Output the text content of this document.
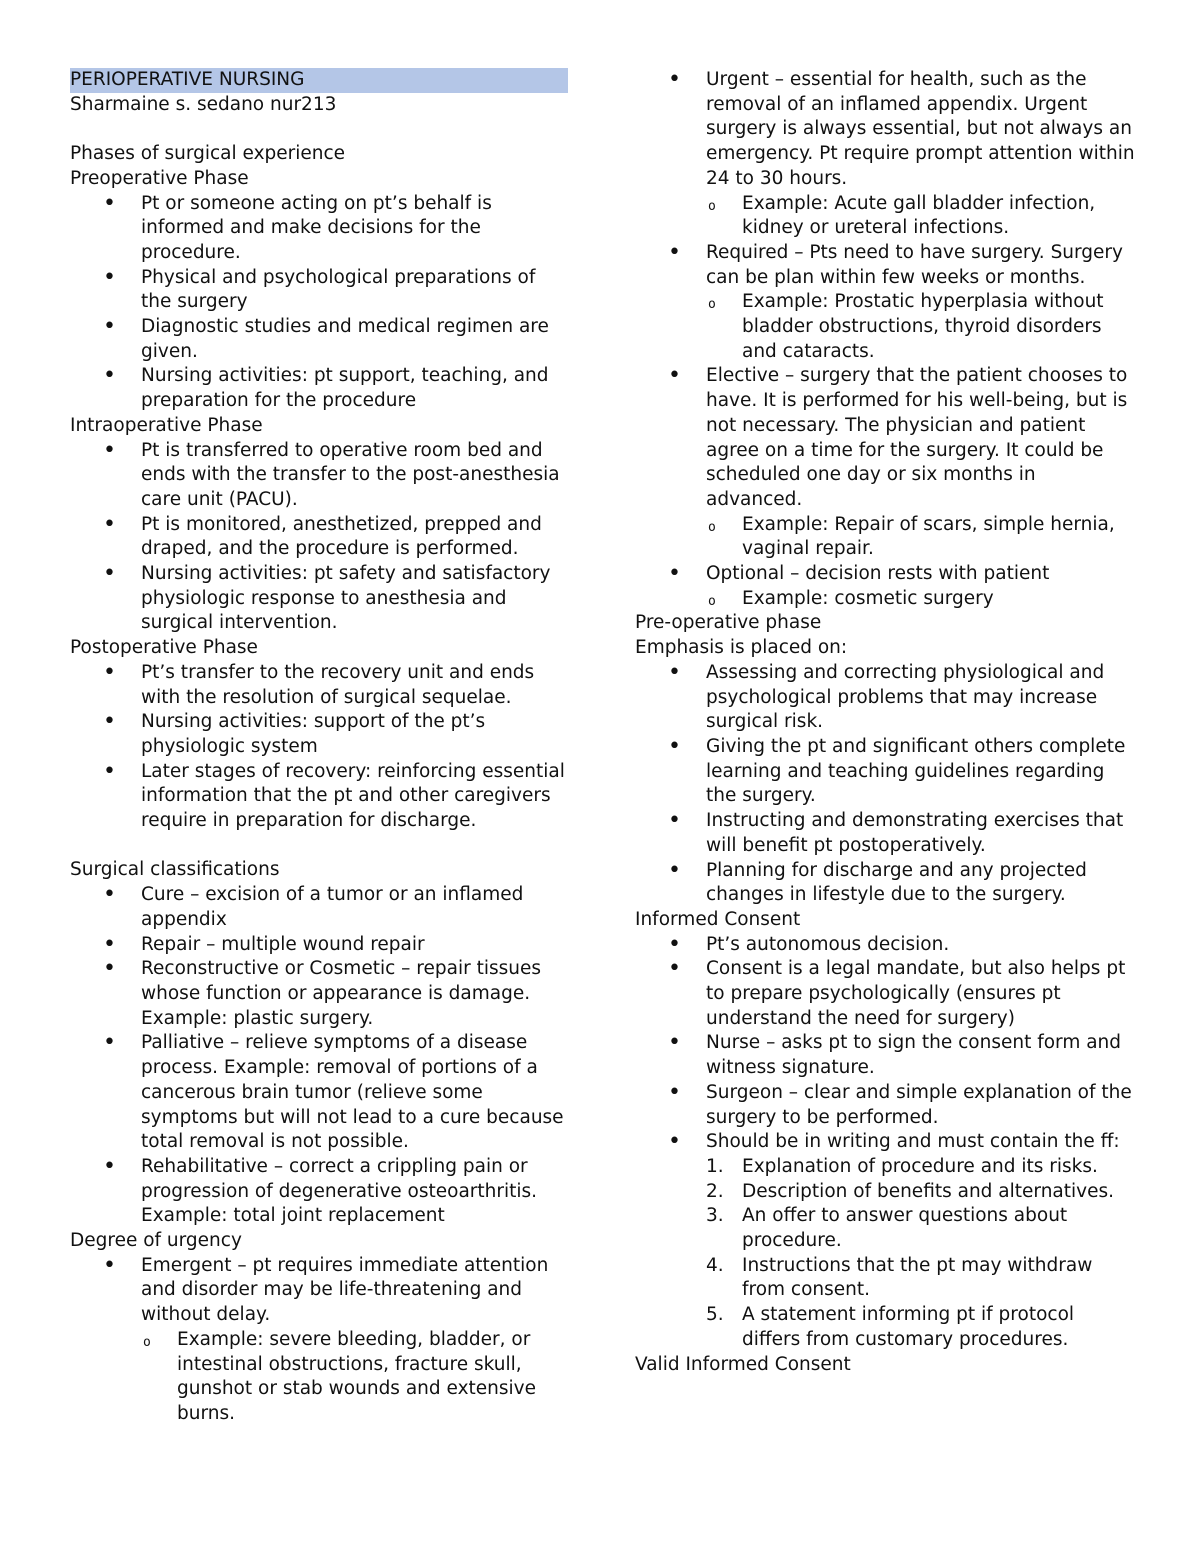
PERIOPERATIVE NURSING

Sharmaine s. sedano nur213

Phases of surgical experience

Preoperative Phase

• Pt or someone acting on pt’s behalf is informed and make decisions for the procedure.
• Physical and psychological preparations of the surgery
• Diagnostic studies and medical regimen are given.
• Nursing activities: pt support, teaching, and preparation for the procedure

Intraoperative Phase

• Pt is transferred to operative room bed and ends with the transfer to the post-anesthesia care unit (PACU).
• Pt is monitored, anesthetized, prepped and draped, and the procedure is performed.
• Nursing activities: pt safety and satisfactory physiologic response to anesthesia and surgical intervention.

Postoperative Phase

• Pt’s transfer to the recovery unit and ends with the resolution of surgical sequelae.
• Nursing activities: support of the pt’s physiologic system
• Later stages of recovery: reinforcing essential information that the pt and other caregivers require in preparation for discharge.

Surgical classifications

• Cure – excision of a tumor or an inflamed appendix
• Repair – multiple wound repair
• Reconstructive or Cosmetic – repair tissues whose function or appearance is damage. Example: plastic surgery.
• Palliative – relieve symptoms of a disease process. Example: removal of portions of a cancerous brain tumor (relieve some symptoms but will not lead to a cure because total removal is not possible.
• Rehabilitative – correct a crippling pain or progression of degenerative osteoarthritis. Example: total joint replacement

Degree of urgency

• Emergent – pt requires immediate attention and disorder may be life-threatening and without delay.
o Example: severe bleeding, bladder, or intestinal obstructions, fracture skull, gunshot or stab wounds and extensive burns.
• Urgent – essential for health, such as the removal of an inflamed appendix. Urgent surgery is always essential, but not always an emergency. Pt require prompt attention within 24 to 30 hours.
o Example: Acute gall bladder infection, kidney or ureteral infections.
• Required – Pts need to have surgery. Surgery can be plan within few weeks or months.
o Example: Prostatic hyperplasia without bladder obstructions, thyroid disorders and cataracts.
• Elective – surgery that the patient chooses to have. It is performed for his well-being, but is not necessary. The physician and patient agree on a time for the surgery. It could be scheduled one day or six months in advanced.
o Example: Repair of scars, simple hernia, vaginal repair.
• Optional – decision rests with patient
o Example: cosmetic surgery

Pre-operative phase

Emphasis is placed on:

• Assessing and correcting physiological and psychological problems that may increase surgical risk.
• Giving the pt and significant others complete learning and teaching guidelines regarding the surgery.
• Instructing and demonstrating exercises that will benefit pt postoperatively.
• Planning for discharge and any projected changes in lifestyle due to the surgery.

Informed Consent

• Pt’s autonomous decision.
• Consent is a legal mandate, but also helps pt to prepare psychologically (ensures pt understand the need for surgery)
• Nurse – asks pt to sign the consent form and witness signature.
• Surgeon – clear and simple explanation of the surgery to be performed.
• Should be in writing and must contain the ff:
1. Explanation of procedure and its risks.
2. Description of benefits and alternatives.
3. An offer to answer questions about procedure.
4. Instructions that the pt may withdraw from consent.
5. A statement informing pt if protocol differs from customary procedures.

Valid Informed Consent
